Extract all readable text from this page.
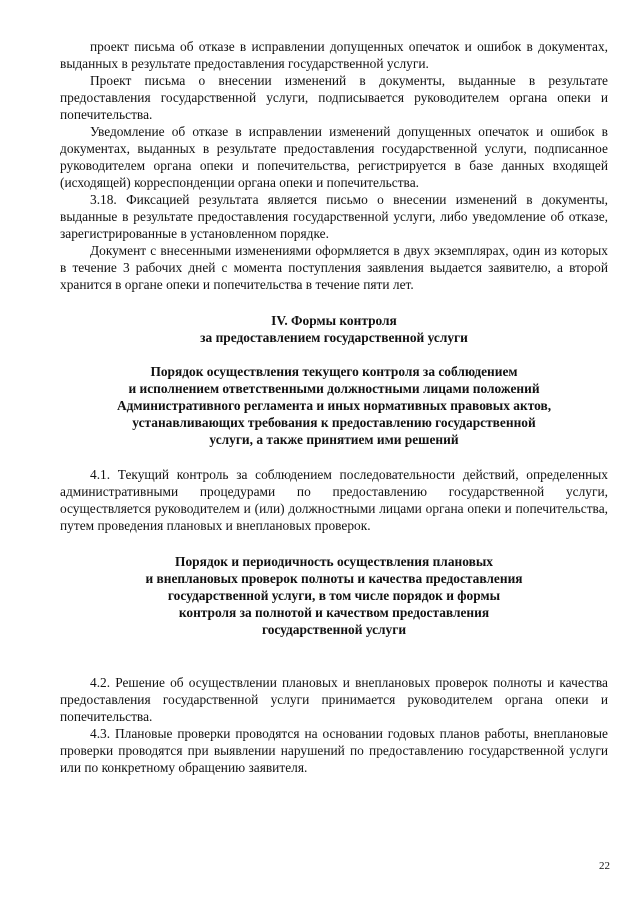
проект письма об отказе в исправлении допущенных опечаток и ошибок в документах, выданных в результате предоставления государственной услуги.

Проект письма о внесении изменений в документы, выданные в результате предоставления государственной услуги, подписывается руководителем органа опеки и попечительства.

Уведомление об отказе в исправлении изменений допущенных опечаток и ошибок в документах, выданных в результате предоставления государственной услуги, подписанное руководителем органа опеки и попечительства, регистрируется в базе данных входящей (исходящей) корреспонденции органа опеки и попечительства.

3.18. Фиксацией результата является письмо о внесении изменений в документы, выданные в результате предоставления государственной услуги, либо уведомление об отказе, зарегистрированные в установленном порядке.

Документ с внесенными изменениями оформляется в двух экземплярах, один из которых в течение 3 рабочих дней с момента поступления заявления выдается заявителю, а второй хранится в органе опеки и попечительства в течение пяти лет.

IV. Формы контроля
за предоставлением государственной услуги
Порядок осуществления текущего контроля за соблюдением
и исполнением ответственными должностными лицами положений
Административного регламента и иных нормативных правовых актов,
устанавливающих требования к предоставлению государственной
услуги, а также принятием ими решений

4.1. Текущий контроль за соблюдением последовательности действий, определенных административными процедурами по предоставлению государственной услуги, осуществляется руководителем и (или) должностными лицами органа опеки и попечительства, путем проведения плановых и внеплановых проверок.

Порядок и периодичность осуществления плановых
и внеплановых проверок полноты и качества предоставления
государственной услуги, в том числе порядок и формы
контроля за полнотой и качеством предоставления
государственной услуги

4.2. Решение об осуществлении плановых и внеплановых проверок полноты и качества предоставления государственной услуги принимается руководителем органа опеки и попечительства.

4.3. Плановые проверки проводятся на основании годовых планов работы, внеплановые проверки проводятся при выявлении нарушений по предоставлению государственной услуги или по конкретному обращению заявителя.

22
